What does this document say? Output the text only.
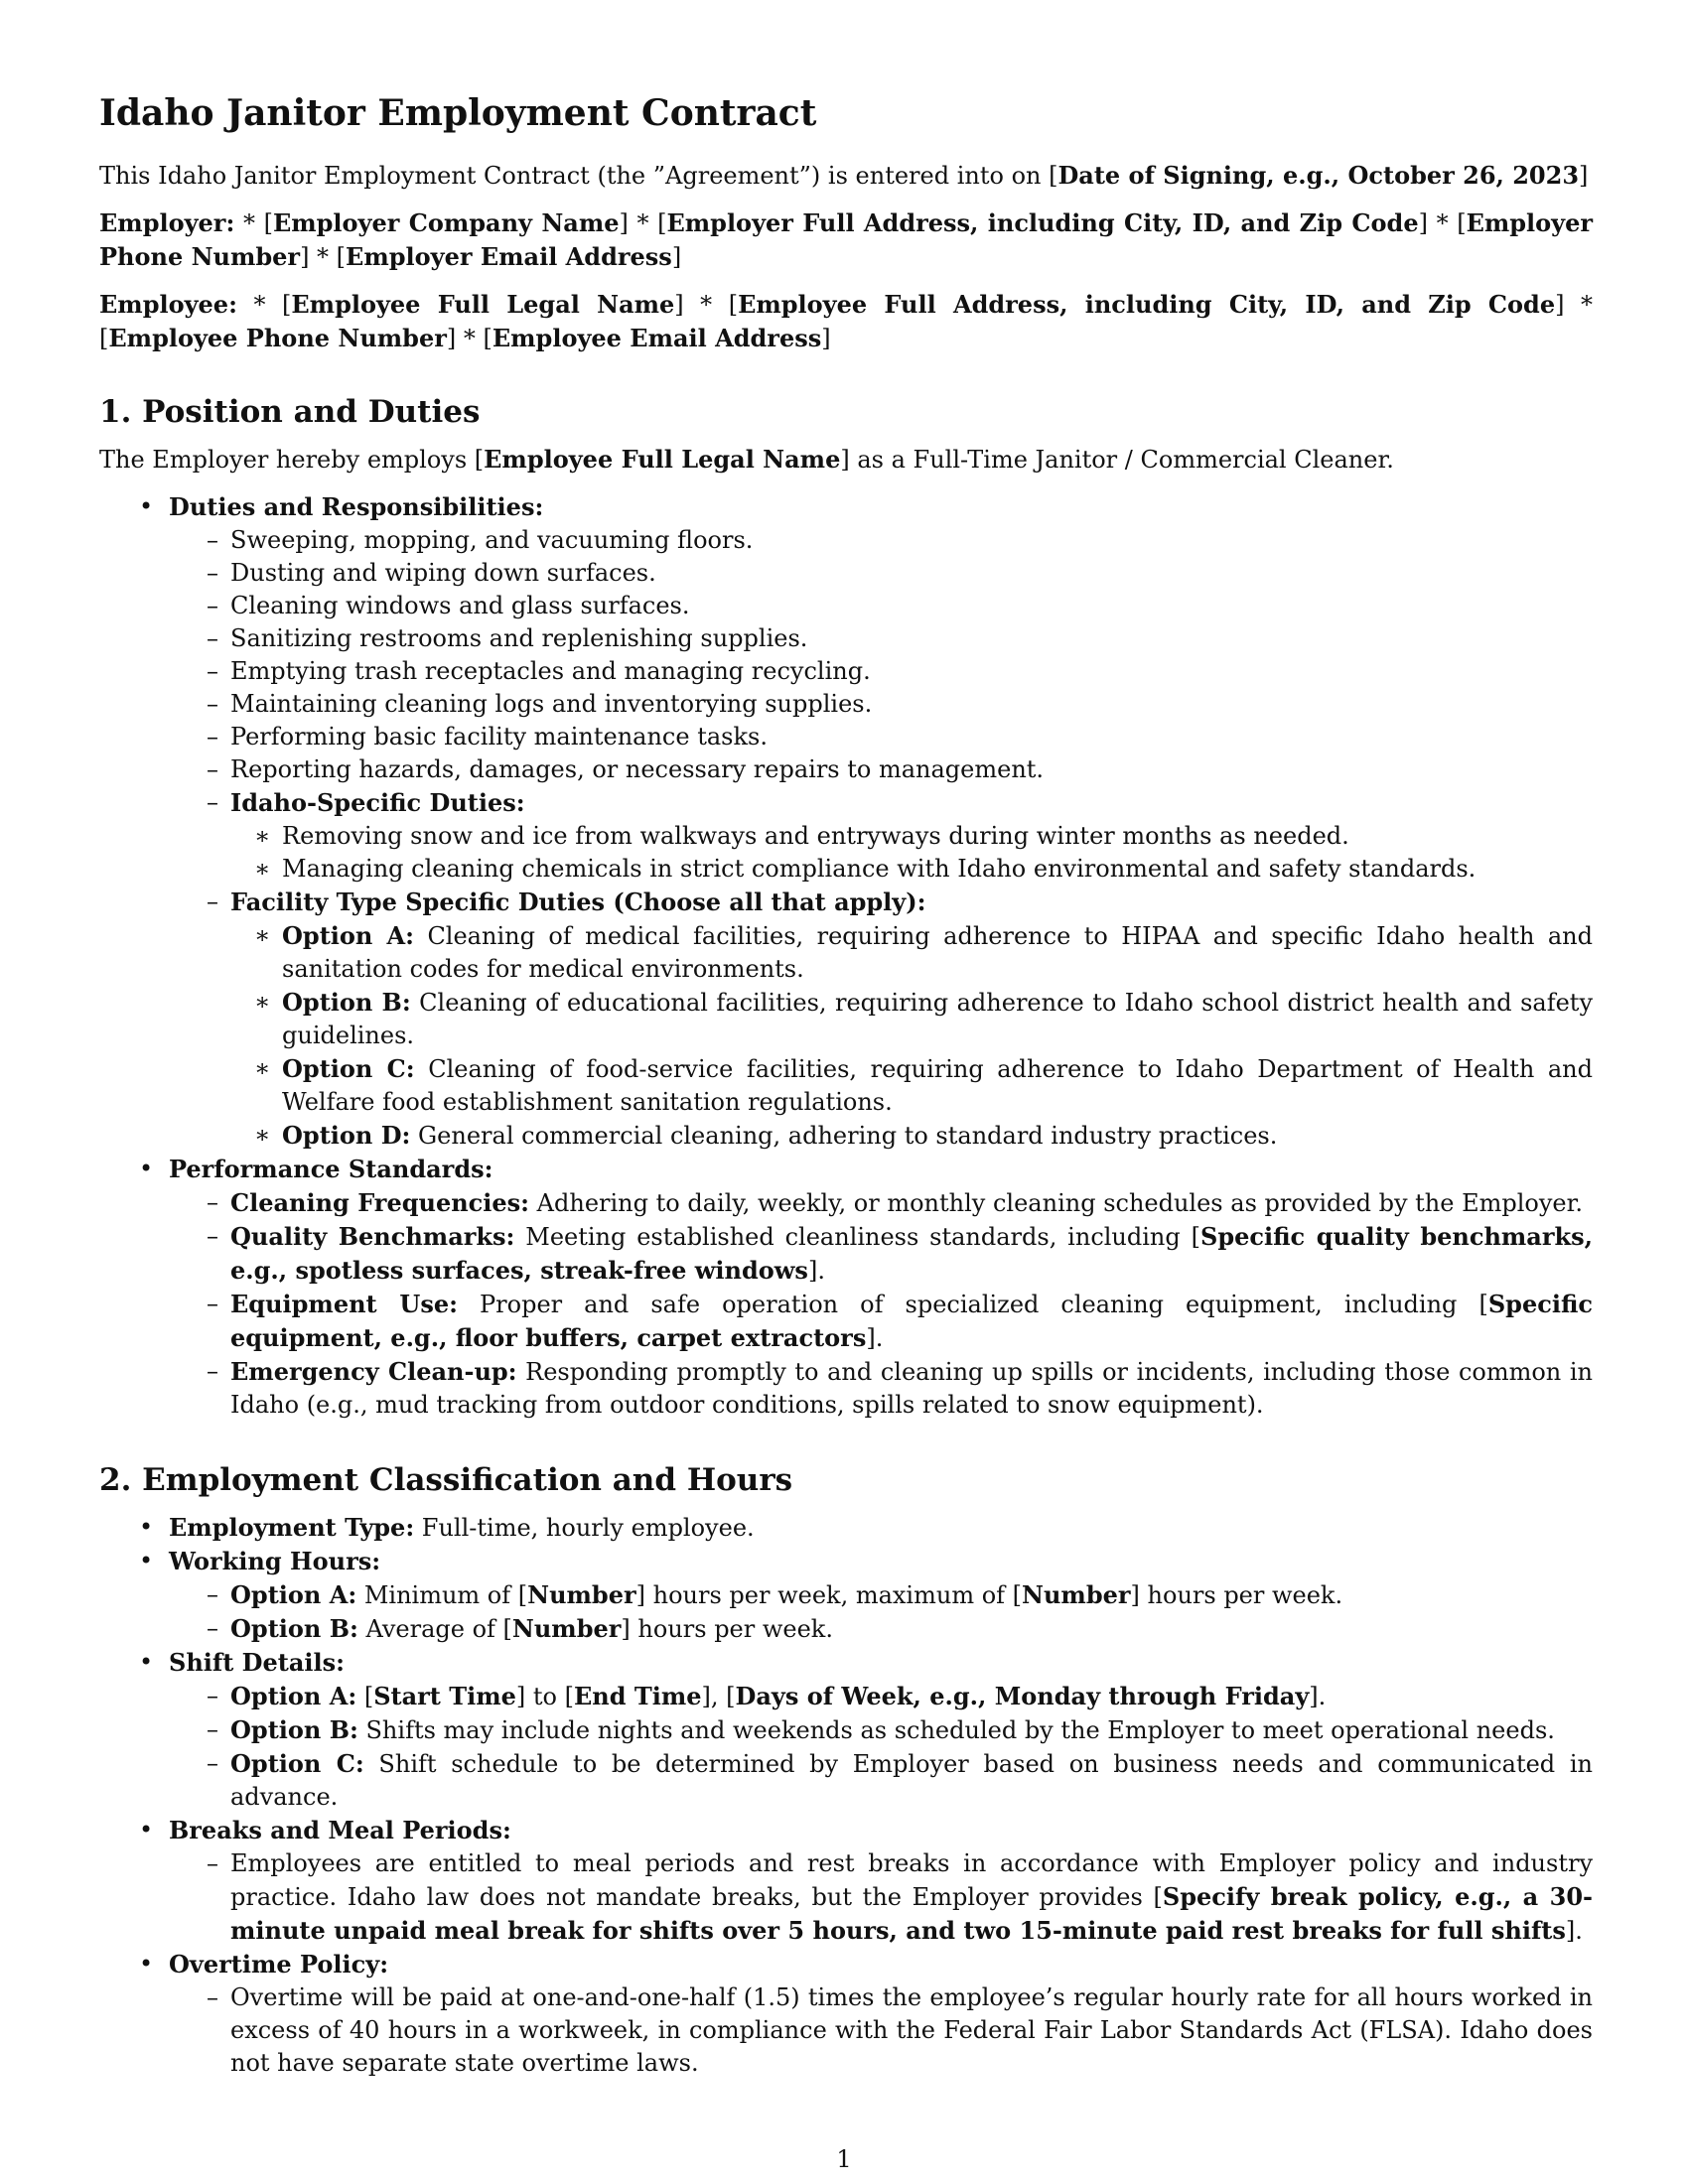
Idaho Janitor Employment Contract

This Idaho Janitor Employment Contract (the ”Agreement”) is entered into on [Date of Signing, e.g., October 26, 2023]

Employer: * [Employer Company Name] * [Employer Full Address, including City, ID, and Zip Code] * [Employer Phone Number] * [Employer Email Address]

Employee: * [Employee Full Legal Name] * [Employee Full Address, including City, ID, and Zip Code] * [Employee Phone Number] * [Employee Email Address]

1. Position and Duties

The Employer hereby employs [Employee Full Legal Name] as a Full-Time Janitor / Commercial Cleaner.

• Duties and Responsibilities:
– Sweeping, mopping, and vacuuming floors.
– Dusting and wiping down surfaces.
– Cleaning windows and glass surfaces.
– Sanitizing restrooms and replenishing supplies.
– Emptying trash receptacles and managing recycling.
– Maintaining cleaning logs and inventorying supplies.
– Performing basic facility maintenance tasks.
– Reporting hazards, damages, or necessary repairs to management.
– Idaho-Specific Duties:
∗ Removing snow and ice from walkways and entryways during winter months as needed.
∗ Managing cleaning chemicals in strict compliance with Idaho environmental and safety standards.
– Facility Type Specific Duties (Choose all that apply):
∗ Option A: Cleaning of medical facilities, requiring adherence to HIPAA and specific Idaho health and sanitation codes for medical environments.
∗ Option B: Cleaning of educational facilities, requiring adherence to Idaho school district health and safety guidelines.
∗ Option C: Cleaning of food-service facilities, requiring adherence to Idaho Department of Health and Welfare food establishment sanitation regulations.
∗ Option D: General commercial cleaning, adhering to standard industry practices.
• Performance Standards:
– Cleaning Frequencies: Adhering to daily, weekly, or monthly cleaning schedules as provided by the Employer.
– Quality Benchmarks: Meeting established cleanliness standards, including [Specific quality benchmarks, e.g., spotless surfaces, streak-free windows].
– Equipment Use: Proper and safe operation of specialized cleaning equipment, including [Specific equipment, e.g., floor buffers, carpet extractors].
– Emergency Clean-up: Responding promptly to and cleaning up spills or incidents, including those common in Idaho (e.g., mud tracking from outdoor conditions, spills related to snow equipment).
2. Employment Classification and Hours
• Employment Type: Full-time, hourly employee.
• Working Hours:
– Option A: Minimum of [Number] hours per week, maximum of [Number] hours per week.
– Option B: Average of [Number] hours per week.
• Shift Details:
– Option A: [Start Time] to [End Time], [Days of Week, e.g., Monday through Friday].
– Option B: Shifts may include nights and weekends as scheduled by the Employer to meet operational needs.
– Option C: Shift schedule to be determined by Employer based on business needs and communicated in advance.
• Breaks and Meal Periods:
– Employees are entitled to meal periods and rest breaks in accordance with Employer policy and industry practice. Idaho law does not mandate breaks, but the Employer provides [Specify break policy, e.g., a 30-minute unpaid meal break for shifts over 5 hours, and two 15-minute paid rest breaks for full shifts].
• Overtime Policy:
– Overtime will be paid at one-and-one-half (1.5) times the employee’s regular hourly rate for all hours worked in excess of 40 hours in a workweek, in compliance with the Federal Fair Labor Standards Act (FLSA). Idaho does not have separate state overtime laws.
1
